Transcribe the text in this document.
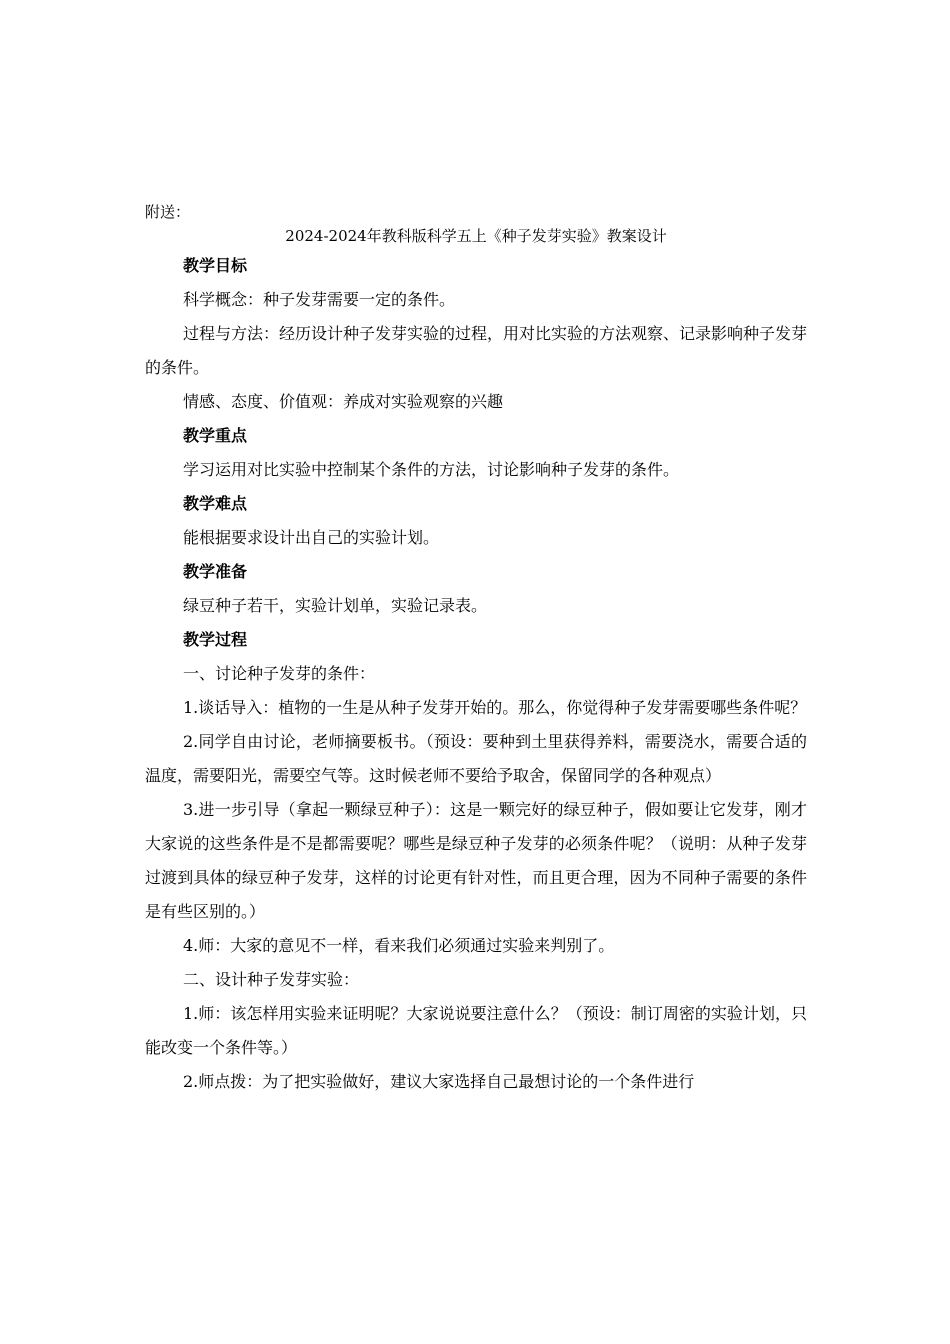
附送：

2024-2024年教科版科学五上《种子发芽实验》教案设计

教学目标

科学概念：种子发芽需要一定的条件。

过程与方法：经历设计种子发芽实验的过程，用对比实验的方法观察、记录影响种子发芽的条件。

情感、态度、价值观：养成对实验观察的兴趣

教学重点

学习运用对比实验中控制某个条件的方法，讨论影响种子发芽的条件。

教学难点

能根据要求设计出自己的实验计划。

教学准备

绿豆种子若干，实验计划单，实验记录表。

教学过程

一、讨论种子发芽的条件：

1.谈话导入：植物的一生是从种子发芽开始的。那么，你觉得种子发芽需要哪些条件呢？

2.同学自由讨论，老师摘要板书。（预设：要种到土里获得养料，需要浇水，需要合适的温度，需要阳光，需要空气等。这时候老师不要给予取舍，保留同学的各种观点）

3.进一步引导（拿起一颗绿豆种子）：这是一颗完好的绿豆种子，假如要让它发芽，刚才大家说的这些条件是不是都需要呢？哪些是绿豆种子发芽的必须条件呢？（说明：从种子发芽过渡到具体的绿豆种子发芽，这样的讨论更有针对性，而且更合理，因为不同种子需要的条件是有些区别的。）

4.师：大家的意见不一样，看来我们必须通过实验来判别了。

二、设计种子发芽实验：

1.师：该怎样用实验来证明呢？大家说说要注意什么？（预设：制订周密的实验计划，只能改变一个条件等。）

2.师点拨：为了把实验做好，建议大家选择自己最想讨论的一个条件进行
